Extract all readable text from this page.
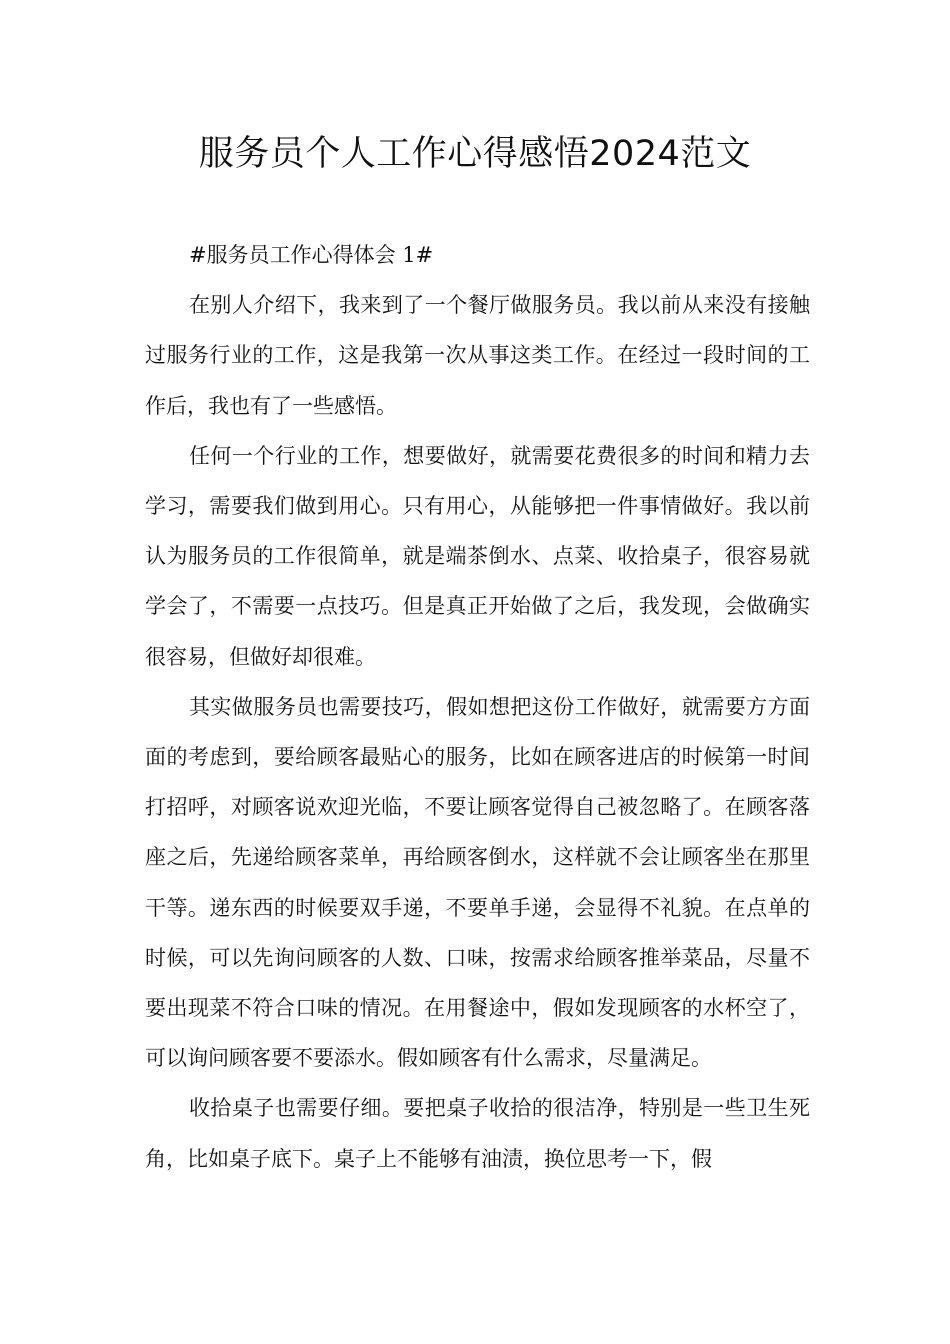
服务员个人工作心得感悟2024范文

#服务员工作心得体会 1#

在别人介绍下，我来到了一个餐厅做服务员。我以前从来没有接触过服务行业的工作，这是我第一次从事这类工作。在经过一段时间的工作后，我也有了一些感悟。

任何一个行业的工作，想要做好，就需要花费很多的时间和精力去学习，需要我们做到用心。只有用心，从能够把一件事情做好。我以前认为服务员的工作很简单，就是端茶倒水、点菜、收拾桌子，很容易就学会了，不需要一点技巧。但是真正开始做了之后，我发现，会做确实很容易，但做好却很难。

其实做服务员也需要技巧，假如想把这份工作做好，就需要方方面面的考虑到，要给顾客最贴心的服务，比如在顾客进店的时候第一时间打招呼，对顾客说欢迎光临，不要让顾客觉得自己被忽略了。在顾客落座之后，先递给顾客菜单，再给顾客倒水，这样就不会让顾客坐在那里干等。递东西的时候要双手递，不要单手递，会显得不礼貌。在点单的时候，可以先询问顾客的人数、口味，按需求给顾客推举菜品，尽量不要出现菜不符合口味的情况。在用餐途中，假如发现顾客的水杯空了，可以询问顾客要不要添水。假如顾客有什么需求，尽量满足。

收拾桌子也需要仔细。要把桌子收拾的很洁净，特别是一些卫生死角，比如桌子底下。桌子上不能够有油渍，换位思考一下，假
